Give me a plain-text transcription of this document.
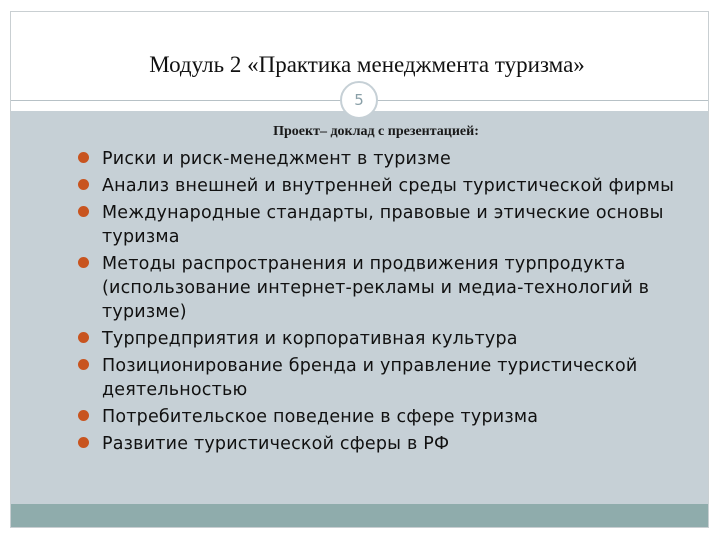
Модуль 2 «Практика менеджмента туризма»
5
Проект– доклад с презентацией:
Риски и риск-менеджмент в туризме
Анализ внешней и внутренней среды туристической фирмы
Международные стандарты, правовые и этические основы туризма
Методы распространения и продвижения турпродукта (использование интернет-рекламы и медиа-технологий в туризме)
Турпредприятия и корпоративная культура
Позиционирование бренда и управление туристической деятельностью
Потребительское поведение в сфере туризма
Развитие туристической сферы в РФ
